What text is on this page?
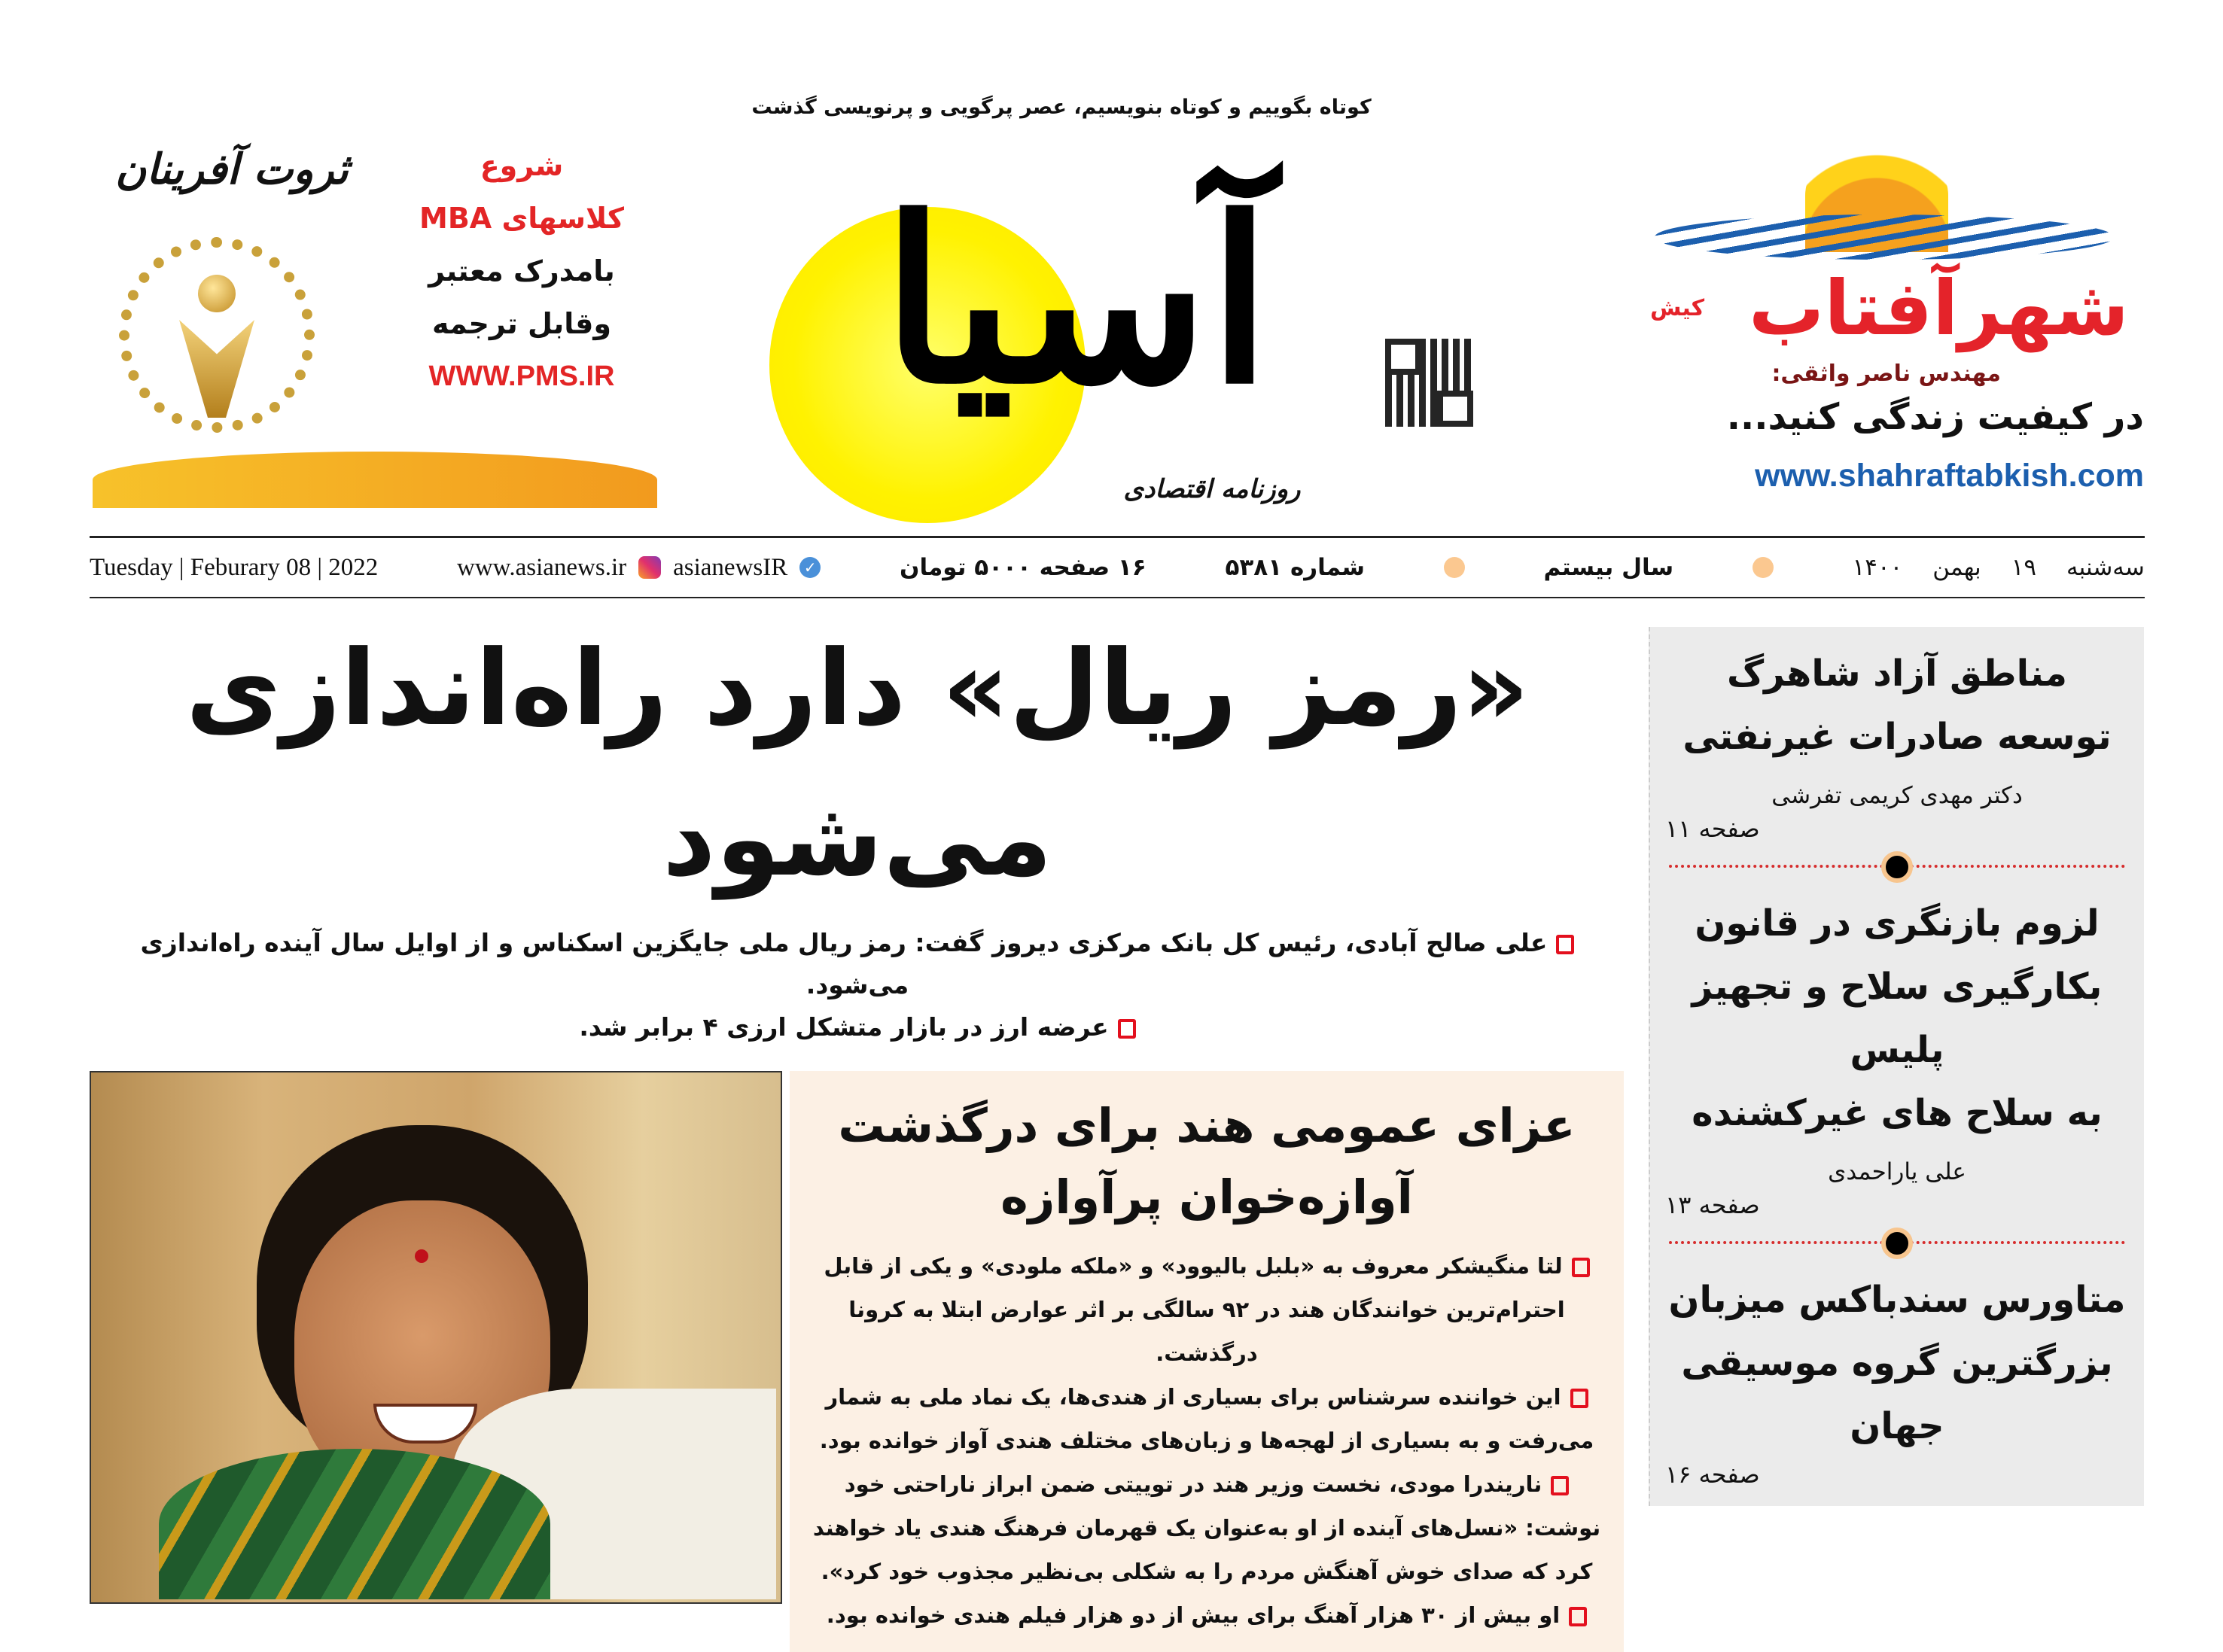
ثروت آفرینان	شروع
کلاسهای MBA
بامدرک معتبر
وقابل ترجمه
WWW.PMS.IR
کوتاه بگوییم و کوتاه بنویسیم، عصر پرگویی و پرنویسی گذشت
آسیا
روزنامه اقتصادی
شهرآفتاب
کیش
مهندس ناصر واثقی:
در کیفیت زندگی کنید...
www.shahraftabkish.com
Tuesday | Feburary 08 | 2022	www.asianews.ir asianewsIR ✓	۱۶ صفحه ۵۰۰۰ تومان	شماره ۵۳۸۱	سال بیستم	۱۴۰۰ بهمن ۱۹ سه‌شنبه
«رمز ریال» دارد راه‌اندازی می‌شود
علی صالح آبادی، رئیس کل بانک مرکزی دیروز گفت: رمز ریال ملی جایگزین اسکناس و از اوایل سال آینده راه‌اندازی می‌شود.
عرضه ارز در بازار متشکل ارزی ۴ برابر شد.
عزای عمومی هند برای درگذشت
آوازه‌خوان پرآوازه
لتا منگیشکر معروف به «بلبل بالیوود» و «ملکه ملودی» و یکی از قابل احترام‌ترین خوانندگان هند در ۹۲ سالگی بر اثر عوارض ابتلا به کرونا درگذشت.
این خواننده سرشناس برای بسیاری از هندی‌ها، یک نماد ملی به شمار می‌رفت و به بسیاری از لهجه‌ها و زبان‌های مختلف هندی آواز خوانده بود.
ناریندرا مودی، نخست وزیر هند در توییتی ضمن ابراز ناراحتی خود نوشت: «نسل‌های آینده از او به‌عنوان یک قهرمان فرهنگ هندی یاد خواهند کرد که صدای خوش آهنگش مردم را به شکلی بی‌نظیر مجذوب خود کرد».
او بیش از ۳۰ هزار آهنگ برای بیش از دو هزار فیلم هندی خوانده بود.
مناطق آزاد شاهرگ
توسعه صادرات غیرنفتی
دکتر مهدی کریمی تفرشی
صفحه ۱۱
لزوم بازنگری در قانون
بکارگیری سلاح و تجهیز پلیس
به سلاح های غیرکشنده
علی یاراحمدی
صفحه ۱۳
متاورس سندباکس میزبان
بزرگترین گروه موسیقی جهان
صفحه ۱۶
